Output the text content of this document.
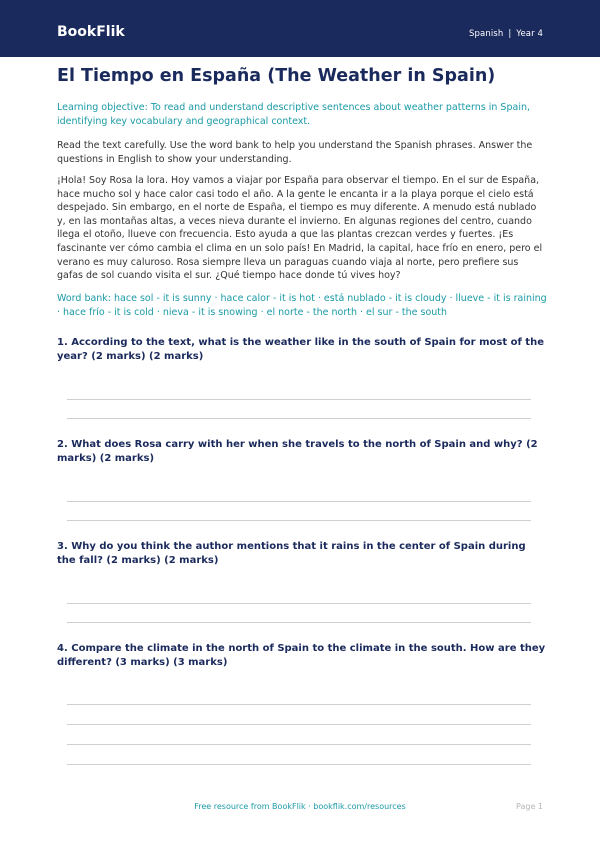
BookFlik	Spanish | Year 4
El Tiempo en España (The Weather in Spain)

Learning objective: To read and understand descriptive sentences about weather patterns in Spain, identifying key vocabulary and geographical context.

Read the text carefully. Use the word bank to help you understand the Spanish phrases. Answer the questions in English to show your understanding.

¡Hola! Soy Rosa la lora. Hoy vamos a viajar por España para observar el tiempo. En el sur de España, hace mucho sol y hace calor casi todo el año. A la gente le encanta ir a la playa porque el cielo está despejado. Sin embargo, en el norte de España, el tiempo es muy diferente. A menudo está nublado y, en las montañas altas, a veces nieva durante el invierno. En algunas regiones del centro, cuando llega el otoño, llueve con frecuencia. Esto ayuda a que las plantas crezcan verdes y fuertes. ¡Es fascinante ver cómo cambia el clima en un solo país! En Madrid, la capital, hace frío en enero, pero el verano es muy caluroso. Rosa siempre lleva un paraguas cuando viaja al norte, pero prefiere sus gafas de sol cuando visita el sur. ¿Qué tiempo hace donde tú vives hoy?

Word bank: hace sol - it is sunny · hace calor - it is hot · está nublado - it is cloudy · llueve - it is raining · hace frío - it is cold · nieva - it is snowing · el norte - the north · el sur - the south

1. According to the text, what is the weather like in the south of Spain for most of the year? (2 marks) (2 marks)

2. What does Rosa carry with her when she travels to the north of Spain and why? (2 marks) (2 marks)

3. Why do you think the author mentions that it rains in the center of Spain during the fall? (2 marks) (2 marks)

4. Compare the climate in the north of Spain to the climate in the south. How are they different? (3 marks) (3 marks)

Free resource from BookFlik · bookflik.com/resources	Page 1
